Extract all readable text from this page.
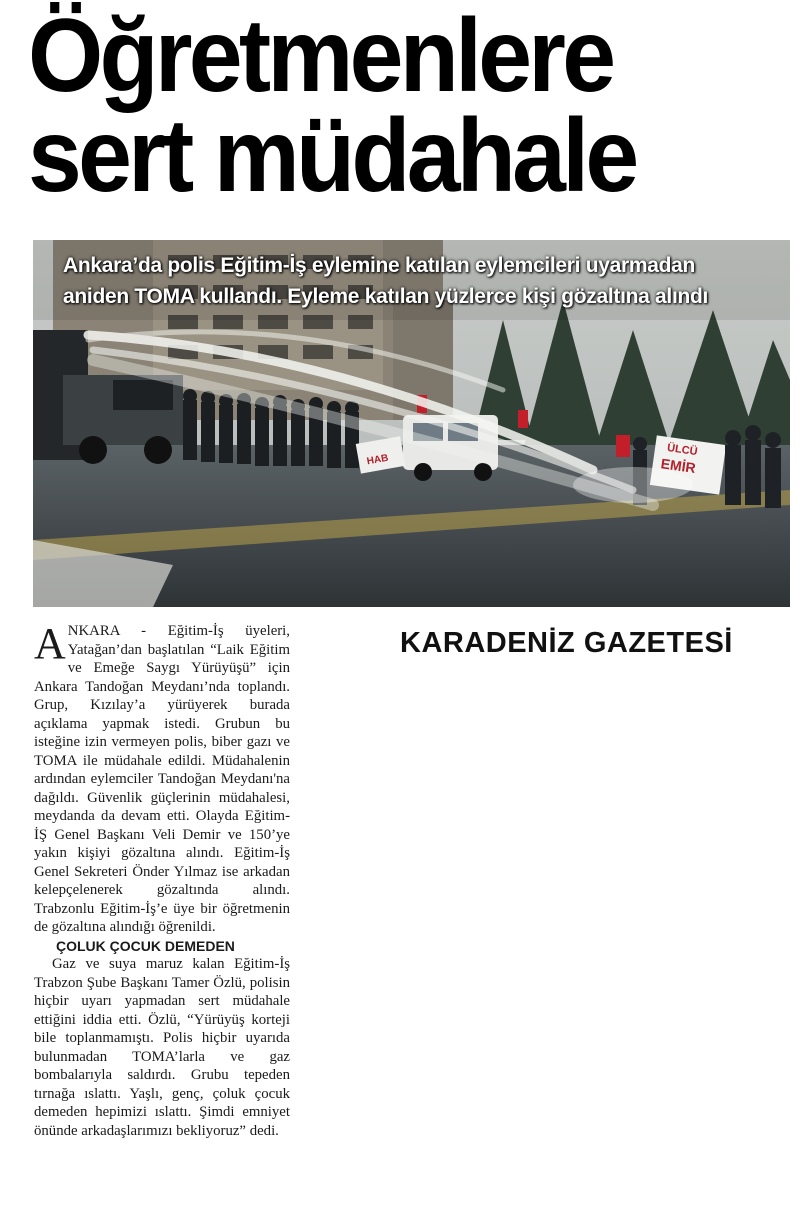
Öğretmenlere
sert müdahale
EMİR
ÜLCÜ
HAB

Ankara’da polis Eğitim-İş eylemine katılan eylemcileri uyarmadan
aniden TOMA kullandı. Eyleme katılan yüzlerce kişi gözaltına alındı

KARADENİZ GAZETESİ

ANKARA - Eğitim-İş üyeleri, Yatağan’dan başlatılan “Laik Eğitim ve Emeğe Saygı Yürüyüşü” için Ankara Tandoğan Meydanı’nda toplandı. Grup, Kızılay’a yürüyerek burada açıklama yapmak istedi. Grubun bu isteğine izin vermeyen polis, biber gazı ve TOMA ile müdahale edildi. Müdahalenin ardından eylemciler Tandoğan Meydanı'na dağıldı. Güvenlik güçlerinin müdahalesi, meydanda da devam etti. Olayda Eğitim-İŞ Genel Başkanı Veli Demir ve 150’ye yakın kişiyi gözaltına alındı. Eğitim-İş Genel Sekreteri Önder Yılmaz ise arkadan kelepçelenerek gözaltında alındı. Trabzonlu Eğitim-İş’e üye bir öğretmenin de gözaltına alındığı öğrenildi.

ÇOLUK ÇOCUK DEMEDEN

Gaz ve suya maruz kalan Eğitim-İş Trabzon Şube Başkanı Tamer Özlü, polisin hiçbir uyarı yapmadan sert müdahale ettiğini iddia etti. Özlü, “Yürüyüş korteji bile toplanmamıştı. Polis hiçbir uyarıda bulunmadan TOMA’larla ve gaz bombalarıyla saldırdı. Grubu tepeden tırnağa ıslattı. Yaşlı, genç, çoluk çocuk demeden hepimizi ıslattı. Şimdi emniyet önünde arkadaşlarımızı bekliyoruz” dedi.
